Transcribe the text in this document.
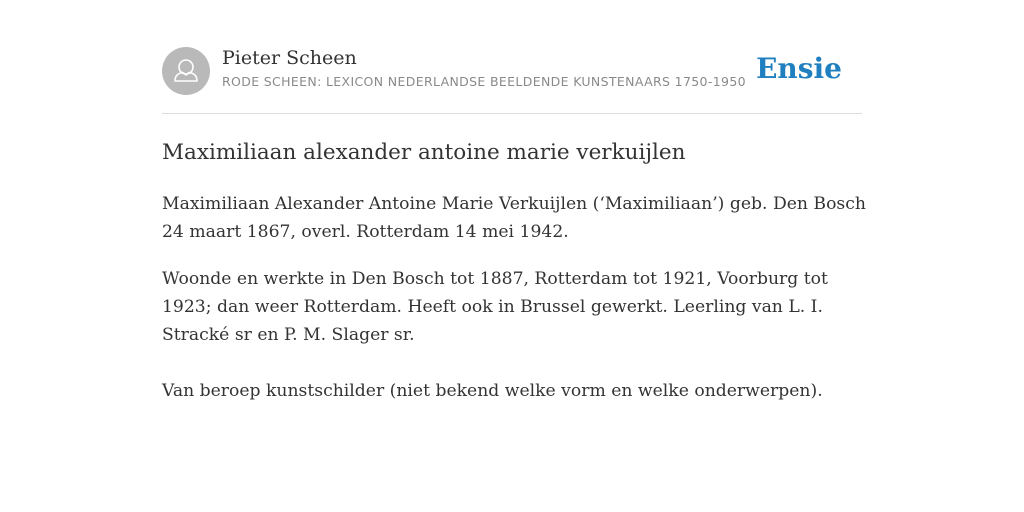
Pieter Scheen
RODE SCHEEN: LEXICON NEDERLANDSE BEELDENDE KUNSTENAARS 1750-1950 Ensie
Maximiliaan alexander antoine marie verkuijlen

Maximiliaan Alexander Antoine Marie Verkuijlen (‘Maximiliaan’) geb. Den Bosch 24 maart 1867, overl. Rotterdam 14 mei 1942.

Woonde en werkte in Den Bosch tot 1887, Rotterdam tot 1921, Voorburg tot 1923; dan weer Rotterdam. Heeft ook in Brussel gewerkt. Leerling van L. I. Stracké sr en P. M. Slager sr.

Van beroep kunstschilder (niet bekend welke vorm en welke onderwerpen).
